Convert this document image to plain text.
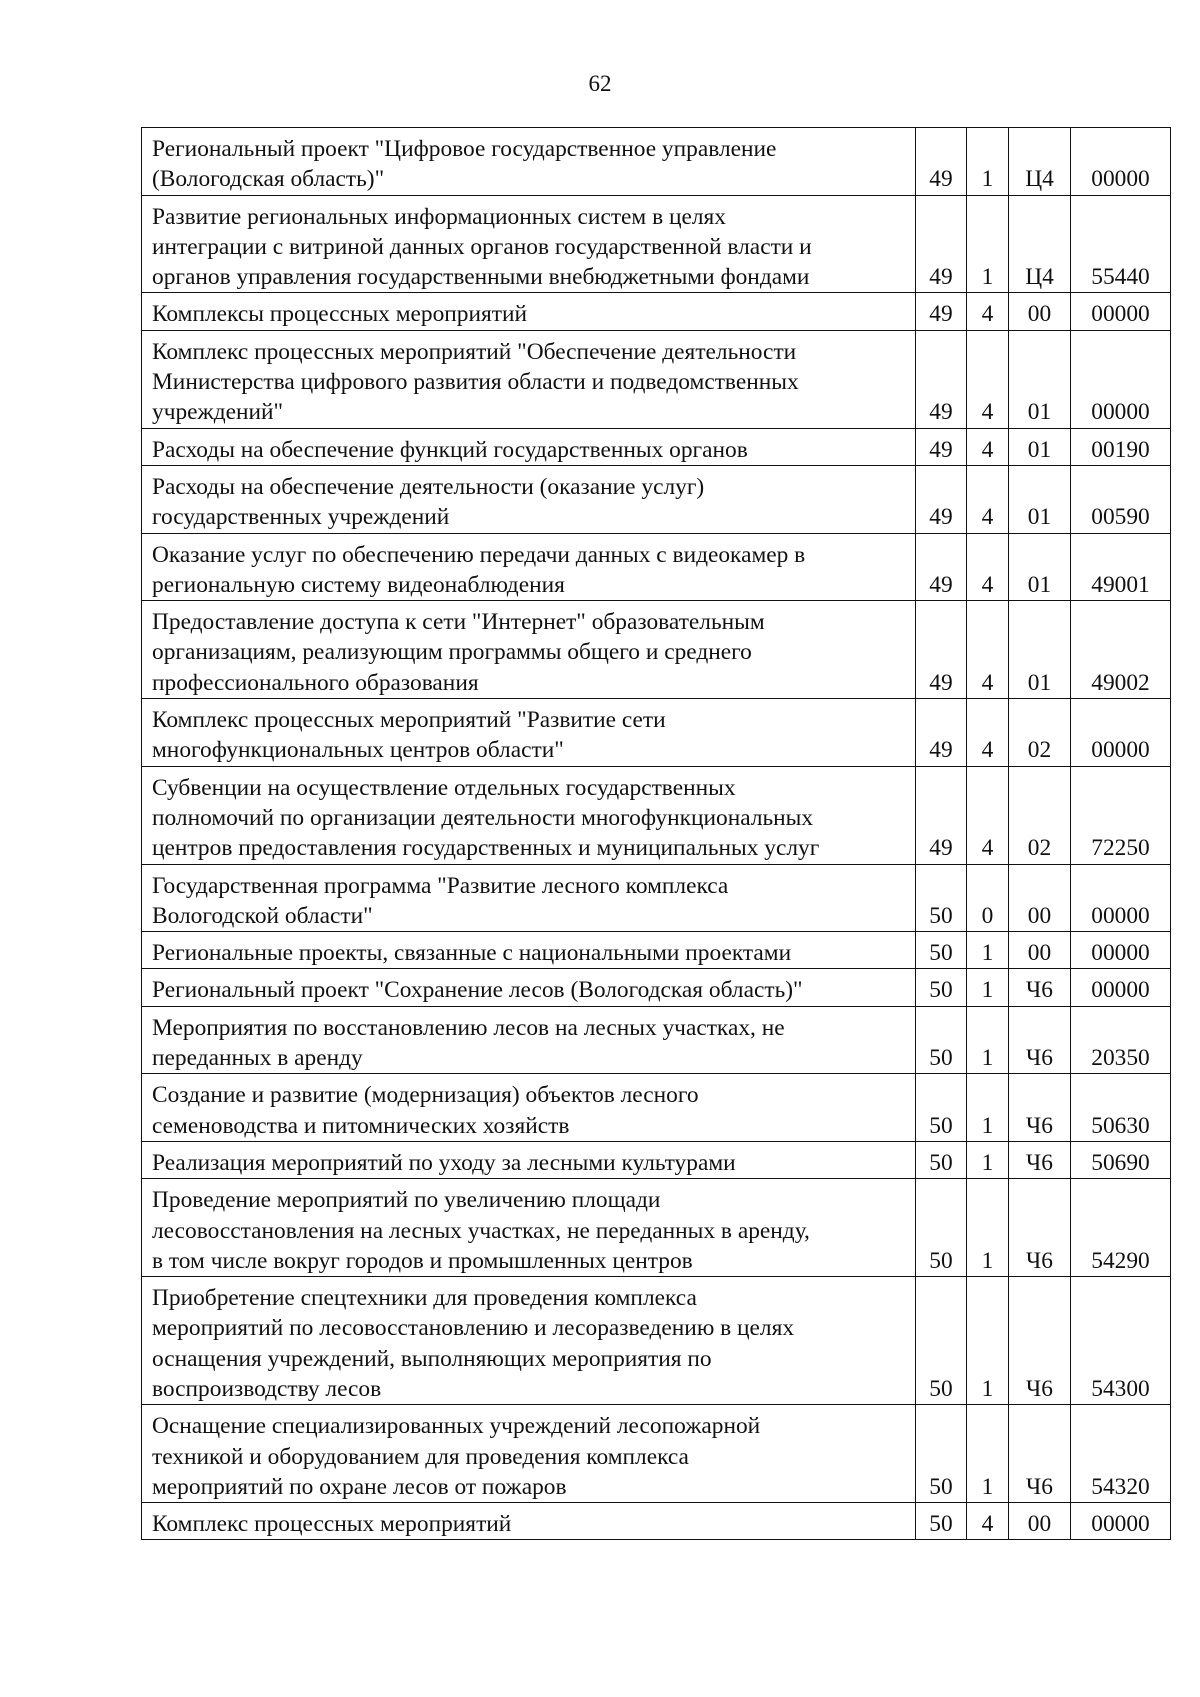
62
Региональный проект "Цифровое государственное управление
(Вологодская область)"	49	1	Ц4	00000

Развитие региональных информационных систем в целях
интеграции с витриной данных органов государственной власти и
органов управления государственными внебюджетными фондами	49	1	Ц4	55440

Комплексы процессных мероприятий	49	4	00	00000

Комплекс процессных мероприятий "Обеспечение деятельности
Министерства цифрового развития области и подведомственных
учреждений"	49	4	01	00000

Расходы на обеспечение функций государственных органов	49	4	01	00190

Расходы на обеспечение деятельности (оказание услуг)
государственных учреждений	49	4	01	00590

Оказание услуг по обеспечению передачи данных с видеокамер в
региональную систему видеонаблюдения	49	4	01	49001

Предоставление доступа к сети "Интернет" образовательным
организациям, реализующим программы общего и среднего
профессионального образования	49	4	01	49002

Комплекс процессных мероприятий "Развитие сети
многофункциональных центров области"	49	4	02	00000

Субвенции на осуществление отдельных государственных
полномочий по организации деятельности многофункциональных
центров предоставления государственных и муниципальных услуг	49	4	02	72250

Государственная программа "Развитие лесного комплекса
Вологодской области"	50	0	00	00000

Региональные проекты, связанные с национальными проектами	50	1	00	00000

Региональный проект "Сохранение лесов (Вологодская область)"	50	1	Ч6	00000

Мероприятия по восстановлению лесов на лесных участках, не
переданных в аренду	50	1	Ч6	20350

Создание и развитие (модернизация) объектов лесного
семеноводства и питомнических хозяйств	50	1	Ч6	50630

Реализация мероприятий по уходу за лесными культурами	50	1	Ч6	50690

Проведение мероприятий по увеличению площади
лесовосстановления на лесных участках, не переданных в аренду,
в том числе вокруг городов и промышленных центров	50	1	Ч6	54290

Приобретение спецтехники для проведения комплекса
мероприятий по лесовосстановлению и лесоразведению в целях
оснащения учреждений, выполняющих мероприятия по
воспроизводству лесов	50	1	Ч6	54300

Оснащение специализированных учреждений лесопожарной
техникой и оборудованием для проведения комплекса
мероприятий по охране лесов от пожаров	50	1	Ч6	54320

Комплекс процессных мероприятий	50	4	00	00000
